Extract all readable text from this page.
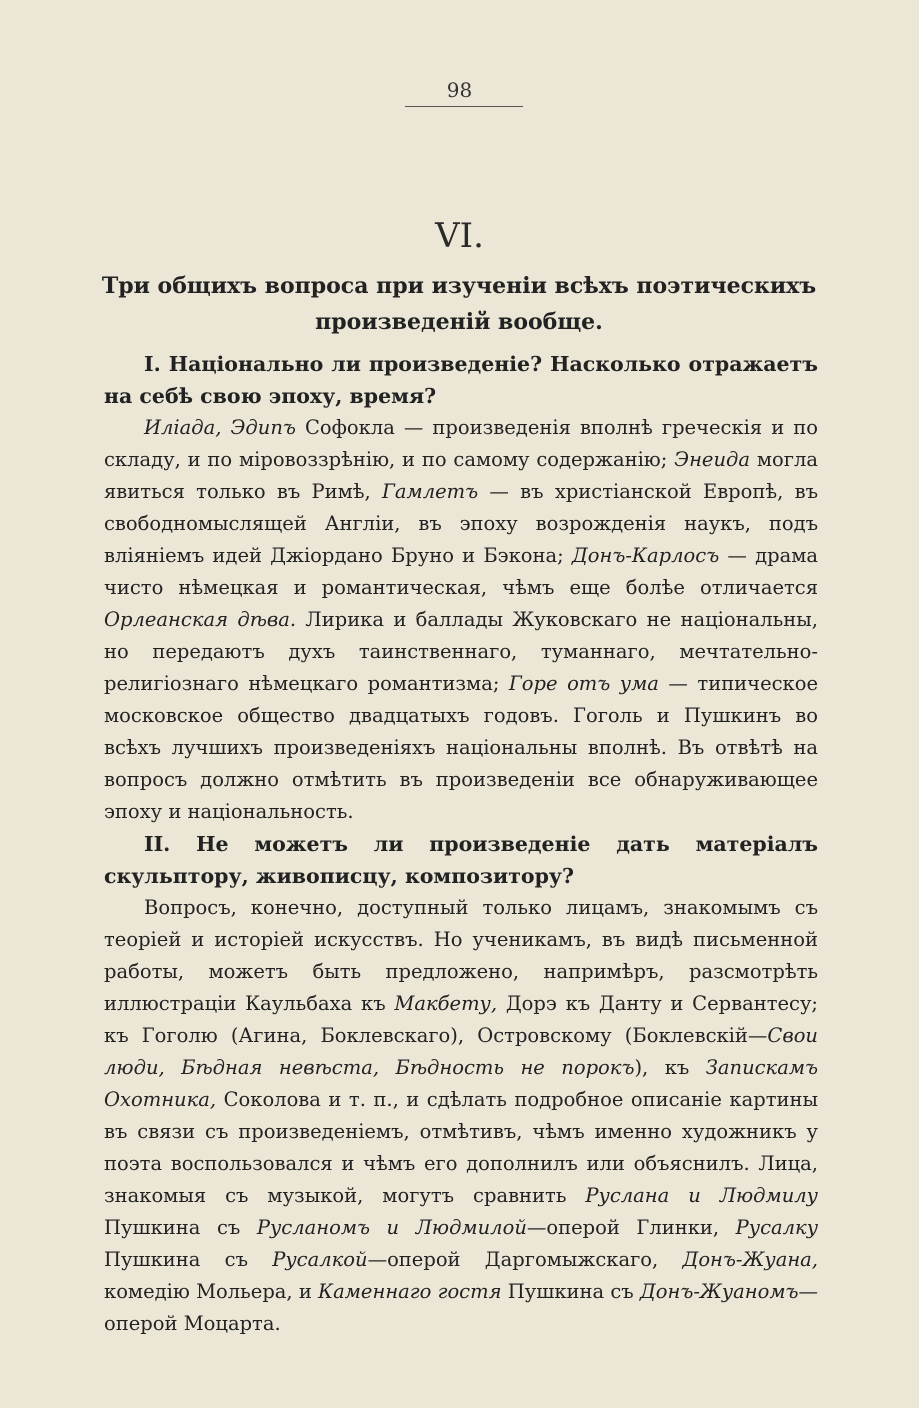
98
VI.
Три общихъ вопроса при изученіи всѣхъ поэтическихъ произведеній вообще.

I. Національно ли произведеніе? Насколько отражаетъ на себѣ свою эпоху, время?

Иліада, Эдипъ Софокла — произведенія вполнѣ греческія и по складу, и по міровоззрѣнію, и по самому содержанію; Энеида могла явиться только въ Римѣ, Гамлетъ — въ христіанской Европѣ, въ свободномыслящей Англіи, въ эпоху возрожденія наукъ, подъ вліяніемъ идей Джіордано Бруно и Бэкона; Донъ-Карлосъ — драма чисто нѣмецкая и романтическая, чѣмъ еще болѣе отличается Орлеанская дѣва. Лирика и баллады Жуковскаго не національны, но передаютъ духъ таинственнаго, туманнаго, мечтательно-религіознаго нѣмецкаго романтизма; Горе отъ ума — типическое московское общество двадцатыхъ годовъ. Гоголь и Пушкинъ во всѣхъ лучшихъ произведеніяхъ національны вполнѣ. Въ отвѣтѣ на вопросъ должно отмѣтить въ произведеніи все обнаруживающее эпоху и національность.

II. Не можетъ ли произведеніе дать матеріалъ скульптору, живописцу, композитору?

Вопросъ, конечно, доступный только лицамъ, знакомымъ съ теоріей и исторіей искусствъ. Но ученикамъ, въ видѣ письменной работы, можетъ быть предложено, напримѣръ, разсмотрѣть иллюстраціи Каульбаха къ Макбету, Дорэ къ Данту и Сервантесу; къ Гоголю (Агина, Боклевскаго), Островскому (Боклевскій—Свои люди, Бѣдная невѣста, Бѣдность не порокъ), къ Запискамъ Охотника, Соколова и т. п., и сдѣлать подробное описаніе картины въ связи съ произведеніемъ, отмѣтивъ, чѣмъ именно художникъ у поэта воспользовался и чѣмъ его дополнилъ или объяснилъ. Лица, знакомыя съ музыкой, могутъ сравнить Руслана и Людмилу Пушкина съ Русланомъ и Людмилой—оперой Глинки, Русалку Пушкина съ Русалкой—оперой Даргомыжскаго, Донъ-Жуана, комедію Мольера, и Каменнаго гостя Пушкина съ Донъ-Жуаномъ—оперой Моцарта.
